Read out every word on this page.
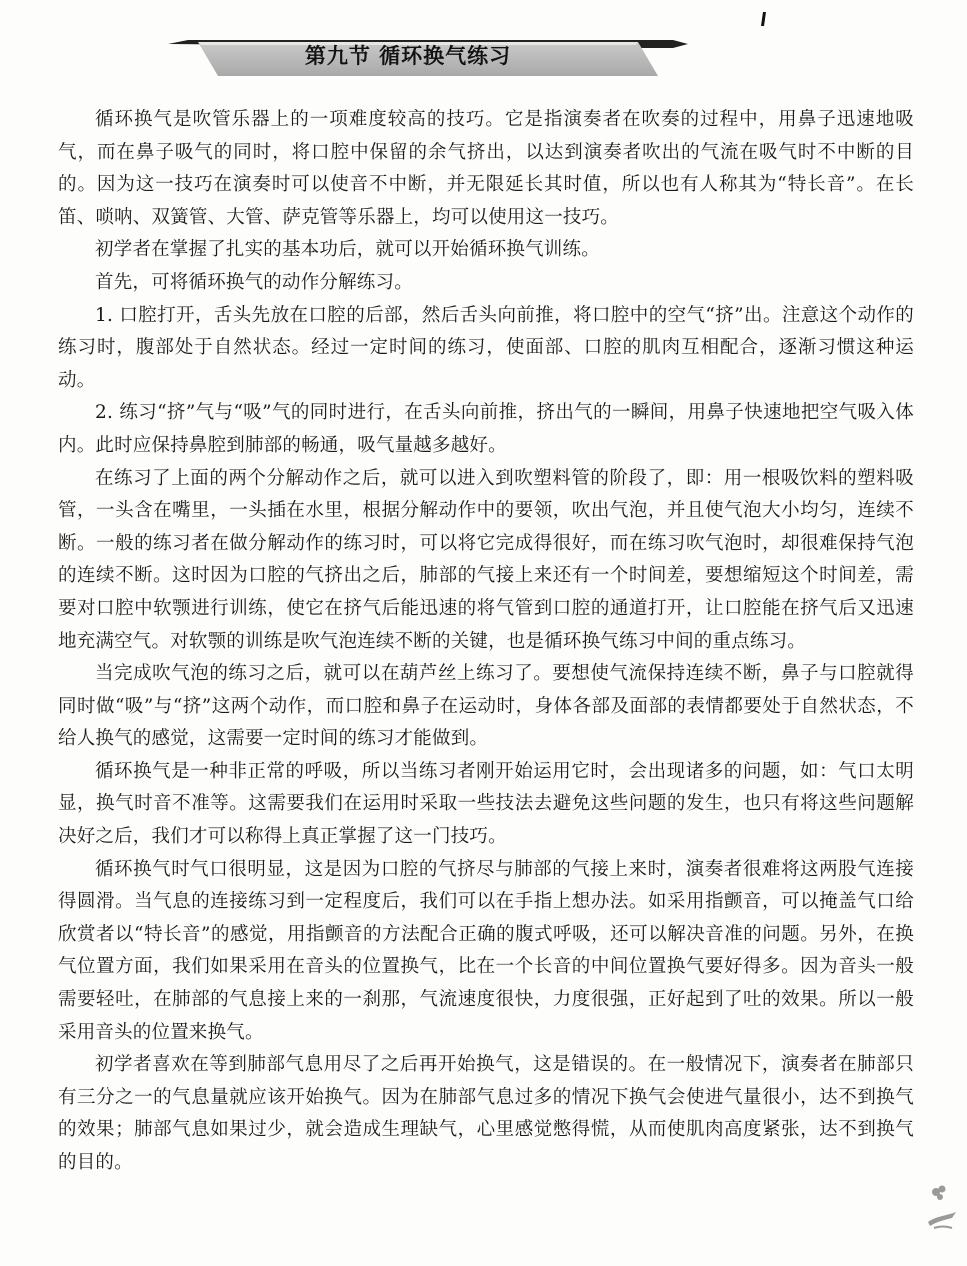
第九节 循环换气练习

循环换气是吹管乐器上的一项难度较高的技巧。它是指演奏者在吹奏的过程中，用鼻子迅速地吸气，而在鼻子吸气的同时，将口腔中保留的余气挤出，以达到演奏者吹出的气流在吸气时不中断的目的。因为这一技巧在演奏时可以使音不中断，并无限延长其时值，所以也有人称其为“特长音”。在长笛、唢呐、双簧管、大管、萨克管等乐器上，均可以使用这一技巧。

初学者在掌握了扎实的基本功后，就可以开始循环换气训练。

首先，可将循环换气的动作分解练习。

1. 口腔打开，舌头先放在口腔的后部，然后舌头向前推，将口腔中的空气“挤”出。注意这个动作的练习时，腹部处于自然状态。经过一定时间的练习，使面部、口腔的肌肉互相配合，逐渐习惯这种运动。

2. 练习“挤”气与“吸”气的同时进行，在舌头向前推，挤出气的一瞬间，用鼻子快速地把空气吸入体内。此时应保持鼻腔到肺部的畅通，吸气量越多越好。

在练习了上面的两个分解动作之后，就可以进入到吹塑料管的阶段了，即：用一根吸饮料的塑料吸管，一头含在嘴里，一头插在水里，根据分解动作中的要领，吹出气泡，并且使气泡大小均匀，连续不断。一般的练习者在做分解动作的练习时，可以将它完成得很好，而在练习吹气泡时，却很难保持气泡的连续不断。这时因为口腔的气挤出之后，肺部的气接上来还有一个时间差，要想缩短这个时间差，需要对口腔中软颚进行训练，使它在挤气后能迅速的将气管到口腔的通道打开，让口腔能在挤气后又迅速地充满空气。对软颚的训练是吹气泡连续不断的关键，也是循环换气练习中间的重点练习。

当完成吹气泡的练习之后，就可以在葫芦丝上练习了。要想使气流保持连续不断，鼻子与口腔就得同时做“吸”与“挤”这两个动作，而口腔和鼻子在运动时，身体各部及面部的表情都要处于自然状态，不给人换气的感觉，这需要一定时间的练习才能做到。

循环换气是一种非正常的呼吸，所以当练习者刚开始运用它时，会出现诸多的问题，如：气口太明显，换气时音不准等。这需要我们在运用时采取一些技法去避免这些问题的发生，也只有将这些问题解决好之后，我们才可以称得上真正掌握了这一门技巧。

循环换气时气口很明显，这是因为口腔的气挤尽与肺部的气接上来时，演奏者很难将这两股气连接得圆滑。当气息的连接练习到一定程度后，我们可以在手指上想办法。如采用指颤音，可以掩盖气口给欣赏者以“特长音”的感觉，用指颤音的方法配合正确的腹式呼吸，还可以解决音准的问题。另外，在换气位置方面，我们如果采用在音头的位置换气，比在一个长音的中间位置换气要好得多。因为音头一般需要轻吐，在肺部的气息接上来的一刹那，气流速度很快，力度很强，正好起到了吐的效果。所以一般采用音头的位置来换气。

初学者喜欢在等到肺部气息用尽了之后再开始换气，这是错误的。在一般情况下，演奏者在肺部只有三分之一的气息量就应该开始换气。因为在肺部气息过多的情况下换气会使进气量很小，达不到换气的效果；肺部气息如果过少，就会造成生理缺气，心里感觉憋得慌，从而使肌肉高度紧张，达不到换气的目的。
